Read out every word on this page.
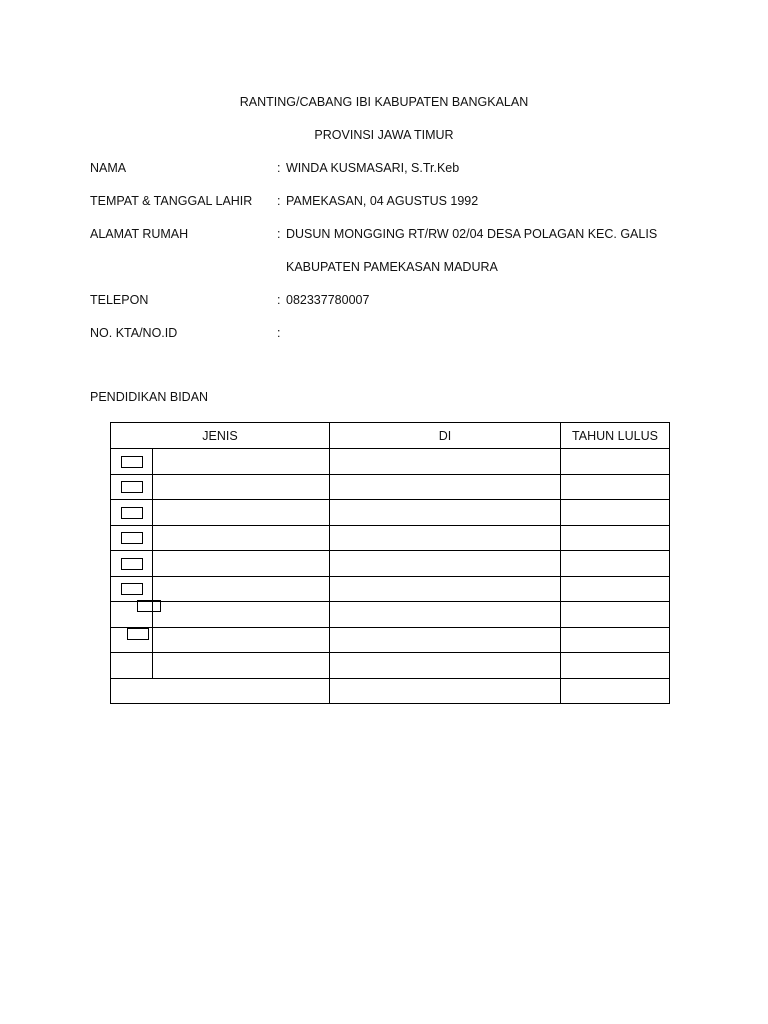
RANTING/CABANG IBI KABUPATEN BANGKALAN
PROVINSI JAWA TIMUR
NAMA	: WINDA KUSMASARI, S.Tr.Keb
TEMPAT & TANGGAL LAHIR : PAMEKASAN, 04 AGUSTUS 1992
ALAMAT RUMAH	: DUSUN MONGGING RT/RW 02/04 DESA POLAGAN KEC. GALIS
KABUPATEN PAMEKASAN MADURA
TELEPON	: 082337780007
NO. KTA/NO.ID	:
PENDIDIKAN BIDAN
JENIS		DI	TAHUN LULUS
